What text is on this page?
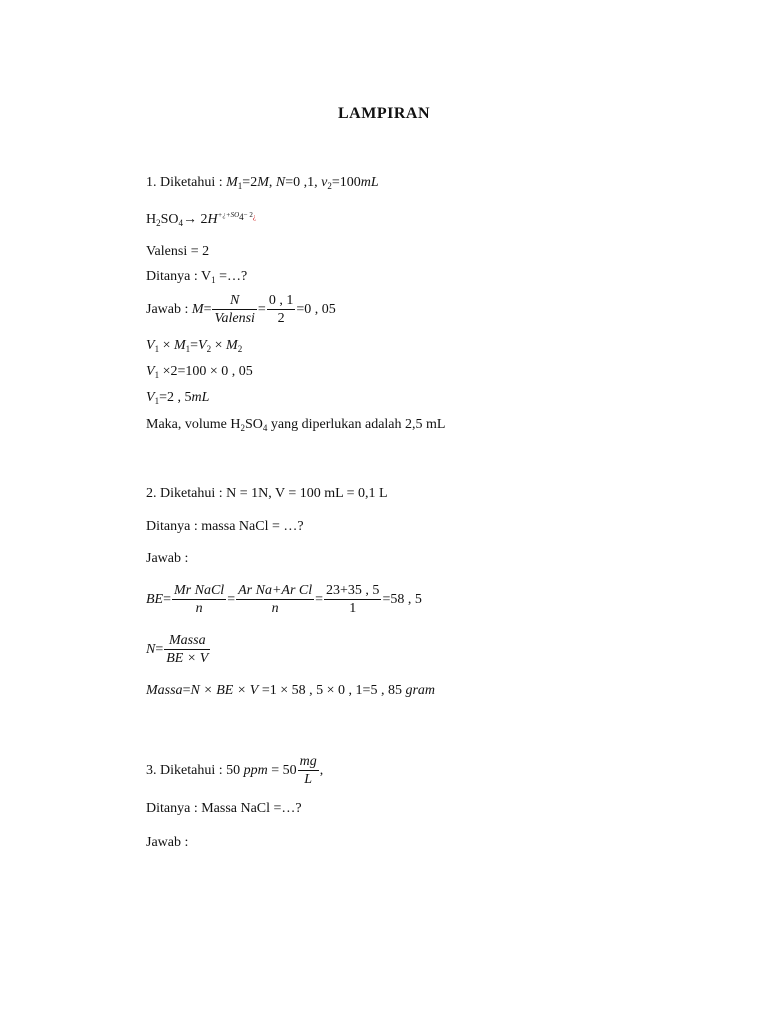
LAMPIRAN
1. Diketahui : $M_1=2M$, N=0 ,1, $v_2=100mL$
$H_2SO_4\to 2H^{+¿+SO_4- 2¿}$
Valensi = 2
Ditanya : $V_1$ =…?
Jawab : $M= \frac{N}{\text{Valensi}} = \frac{0 , 1}{2} =0$ , 05
$V_1 \times M_1=V_2 \times M_2$
$V_1 \times 2=100 \times 0$ , 05
$V_1=2$ , 5mL
Maka, volume $H_2SO_4$ yang diperlukan adalah 2,5 mL
2. Diketahui : N = 1N, V = 100 mL = 0,1 L
Ditanya : massa NaCl = …?
Jawab :
$BE= \frac{\text{Mr NaCl}}{n} = \frac{\text{Ar Na+Ar Cl}}{n} = \frac{23+35 , 5}{1} =58$ , 5
$N= \frac{\text{Massa}}{BE \times V}$
Massa=N × BE × V =1 × 58 , 5 × 0 , 1=5 , 85 gram
3. Diketahui : 50 ppm = $50 \frac{mg}{L}$ ,
Ditanya : Massa NaCl =…?
Jawab :
